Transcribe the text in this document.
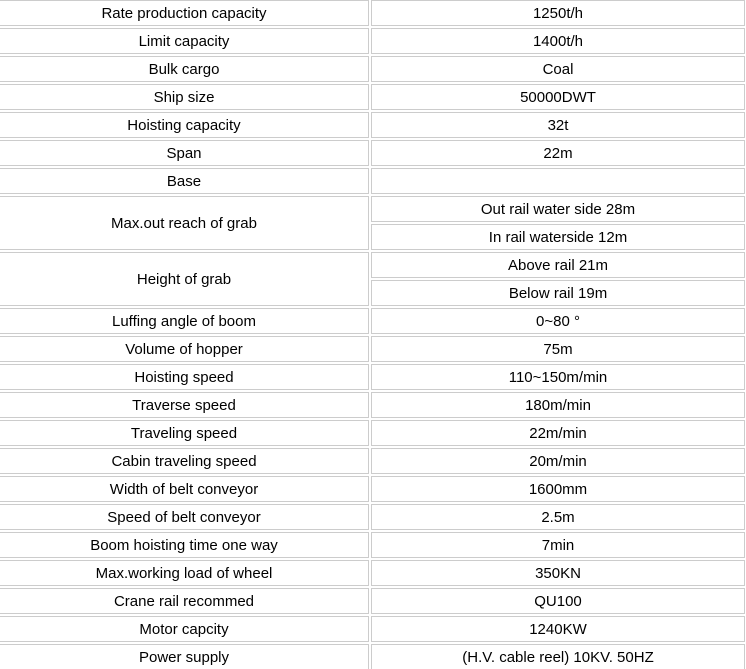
Rate production capacity	1250t/h
Limit capacity	1400t/h
Bulk cargo	Coal
Ship size	50000DWT
Hoisting capacity	32t
Span	22m
Base	
Max.out reach of grab	Out rail water side 28m
	In rail waterside 12m
Height of grab	Above rail 21m
	Below rail 19m
Luffing angle of boom	0~80 °
Volume of hopper	75m
Hoisting speed	110~150m/min
Traverse speed	180m/min
Traveling speed	22m/min
Cabin traveling speed	20m/min
Width of belt conveyor	1600mm
Speed of belt conveyor	2.5m
Boom hoisting time one way	7min
Max.working load of wheel	350KN
Crane rail recommed	QU100
Motor capcity	1240KW
Power supply	(H.V. cable reel) 10KV. 50HZ
